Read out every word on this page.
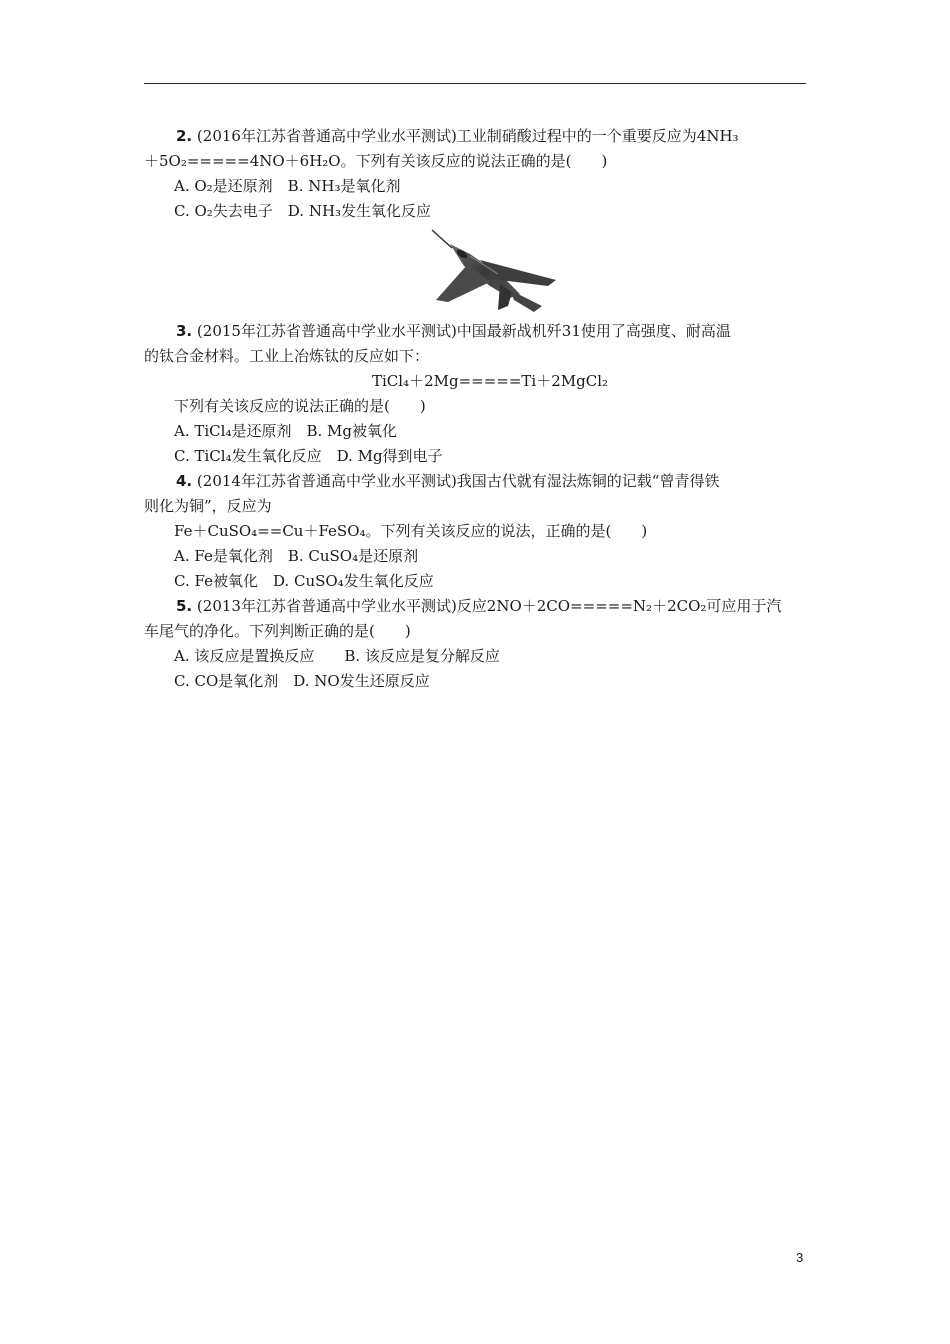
2. (2016年江苏省普通高中学业水平测试)工业制硝酸过程中的一个重要反应为4NH₃

＋5O₂=====4NO＋6H₂O。下列有关该反应的说法正确的是(　　)

A. O₂是还原剂　B. NH₃是氧化剂

C. O₂失去电子　D. NH₃发生氧化反应

3. (2015年江苏省普通高中学业水平测试)中国最新战机歼31使用了高强度、耐高温

的钛合金材料。工业上冶炼钛的反应如下：

TiCl₄＋2Mg=====Ti＋2MgCl₂

下列有关该反应的说法正确的是(　　)

A. TiCl₄是还原剂　B. Mg被氧化

C. TiCl₄发生氧化反应　D. Mg得到电子

4. (2014年江苏省普通高中学业水平测试)我国古代就有湿法炼铜的记载“曾青得铁

则化为铜”，反应为

Fe＋CuSO₄==Cu＋FeSO₄。下列有关该反应的说法，正确的是(　　)

A. Fe是氧化剂　B. CuSO₄是还原剂

C. Fe被氧化　D. CuSO₄发生氧化反应

5. (2013年江苏省普通高中学业水平测试)反应2NO＋2CO=====N₂＋2CO₂可应用于汽

车尾气的净化。下列判断正确的是(　　)

A. 该反应是置换反应　　B. 该反应是复分解反应

C. CO是氧化剂　D. NO发生还原反应

3
